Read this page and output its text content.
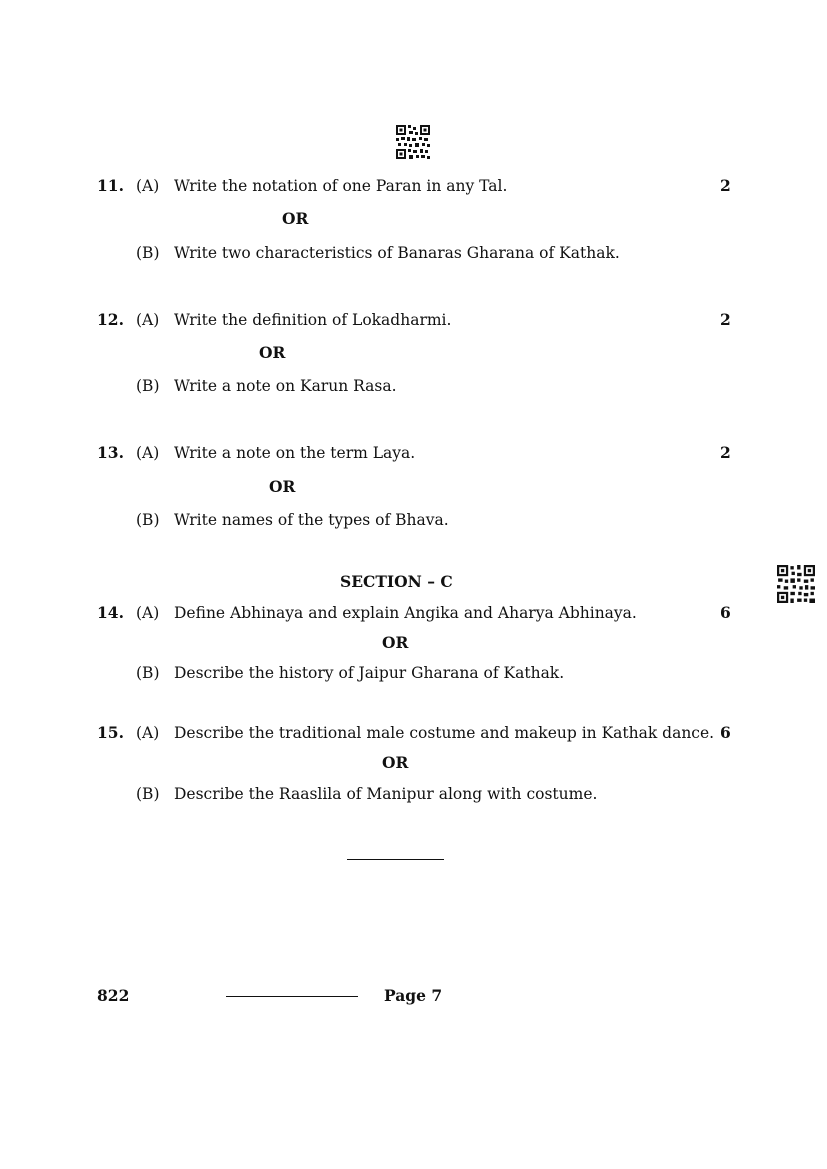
11. (A) Write the notation of one Paran in any Tal.	2
OR
(B) Write two characteristics of Banaras Gharana of Kathak.
12. (A) Write the definition of Lokadharmi.	2
OR
(B) Write a note on Karun Rasa.
13. (A) Write a note on the term Laya.	2
OR
(B) Write names of the types of Bhava.
SECTION – C
14. (A) Define Abhinaya and explain Angika and Aharya Abhinaya.	6
OR
(B) Describe the history of Jaipur Gharana of Kathak.
15. (A) Describe the traditional male costume and makeup in Kathak dance. 6
OR
(B) Describe the Raaslila of Manipur along with costume.
822	Page 7
